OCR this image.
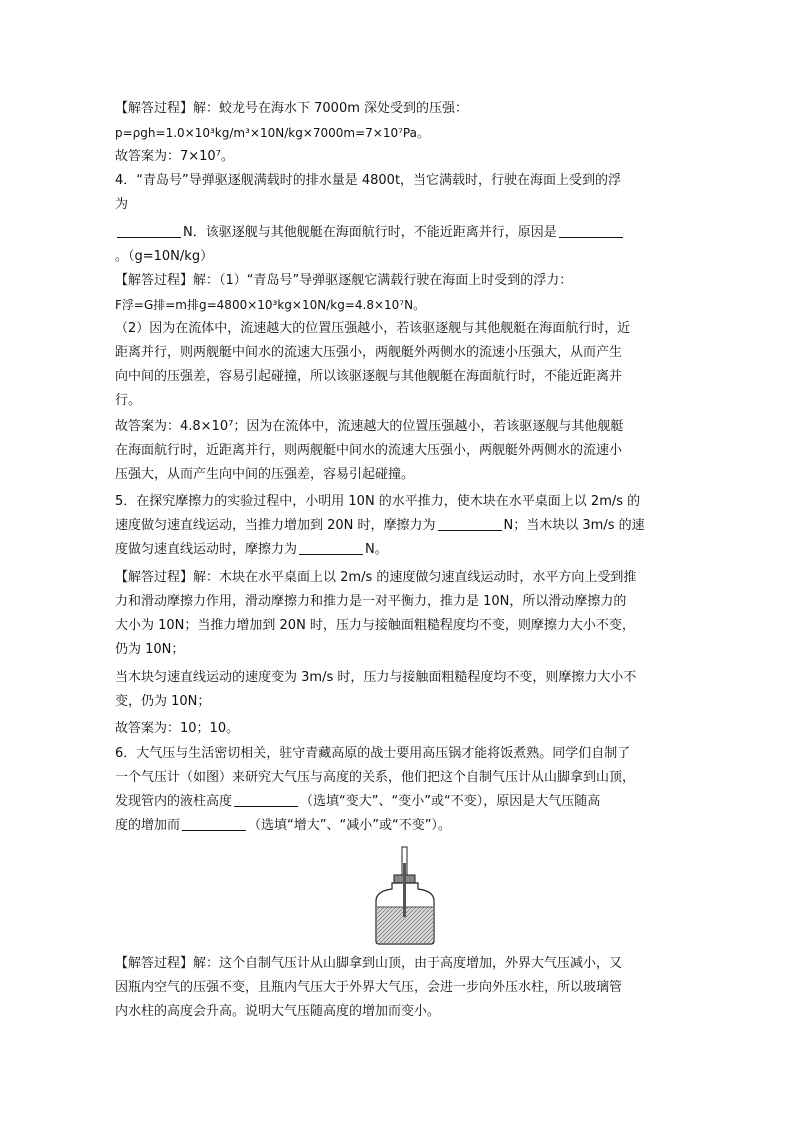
【解答过程】解：蛟龙号在海水下 7000m 深处受到的压强：
p=ρgh=1.0×10³kg/m³×10N/kg×7000m=7×10⁷Pa。
故答案为：7×10⁷。
4．“青岛号”导弹驱逐舰满载时的排水量是 4800t，当它满载时，行驶在海面上受到的浮
为
N．该驱逐舰与其他舰艇在海面航行时，不能近距离并行，原因是
。（g=10N/kg）
【解答过程】解：（1）“青岛号”导弹驱逐舰它满载行驶在海面上时受到的浮力：
F浮=G排=m排g=4800×10³kg×10N/kg=4.8×10⁷N。
（2）因为在流体中，流速越大的位置压强越小，若该驱逐舰与其他舰艇在海面航行时，近
距离并行，则两舰艇中间水的流速大压强小，两舰艇外两侧水的流速小压强大，从而产生
向中间的压强差，容易引起碰撞，所以该驱逐舰与其他舰艇在海面航行时，不能近距离并
行。
故答案为：4.8×10⁷；因为在流体中，流速越大的位置压强越小，若该驱逐舰与其他舰艇
在海面航行时，近距离并行，则两舰艇中间水的流速大压强小，两舰艇外两侧水的流速小
压强大，从而产生向中间的压强差，容易引起碰撞。
5．在探究摩擦力的实验过程中，小明用 10N 的水平推力，使木块在水平桌面上以 2m/s 的
速度做匀速直线运动，当推力增加到 20N 时，摩擦力为	N；当木块以 3m/s 的速
度做匀速直线运动时，摩擦力为	N。
【解答过程】解：木块在水平桌面上以 2m/s 的速度做匀速直线运动时，水平方向上受到推
力和滑动摩擦力作用，滑动摩擦力和推力是一对平衡力，推力是 10N，所以滑动摩擦力的
大小为 10N；当推力增加到 20N 时，压力与接触面粗糙程度均不变，则摩擦力大小不变，
仍为 10N；
当木块匀速直线运动的速度变为 3m/s 时，压力与接触面粗糙程度均不变，则摩擦力大小不
变，仍为 10N；
故答案为：10；10。
6．大气压与生活密切相关，驻守青藏高原的战士要用高压锅才能将饭煮熟。同学们自制了
一个气压计（如图）来研究大气压与高度的关系，他们把这个自制气压计从山脚拿到山顶，
发现管内的液柱高度	（选填“变大”、“变小”或“不变），原因是大气压随高
度的增加而	（选填“增大”、“减小”或“不变”）。
【解答过程】解：这个自制气压计从山脚拿到山顶，由于高度增加，外界大气压减小，又
因瓶内空气的压强不变，且瓶内气压大于外界大气压，会进一步向外压水柱，所以玻璃管
内水柱的高度会升高。说明大气压随高度的增加而变小。
